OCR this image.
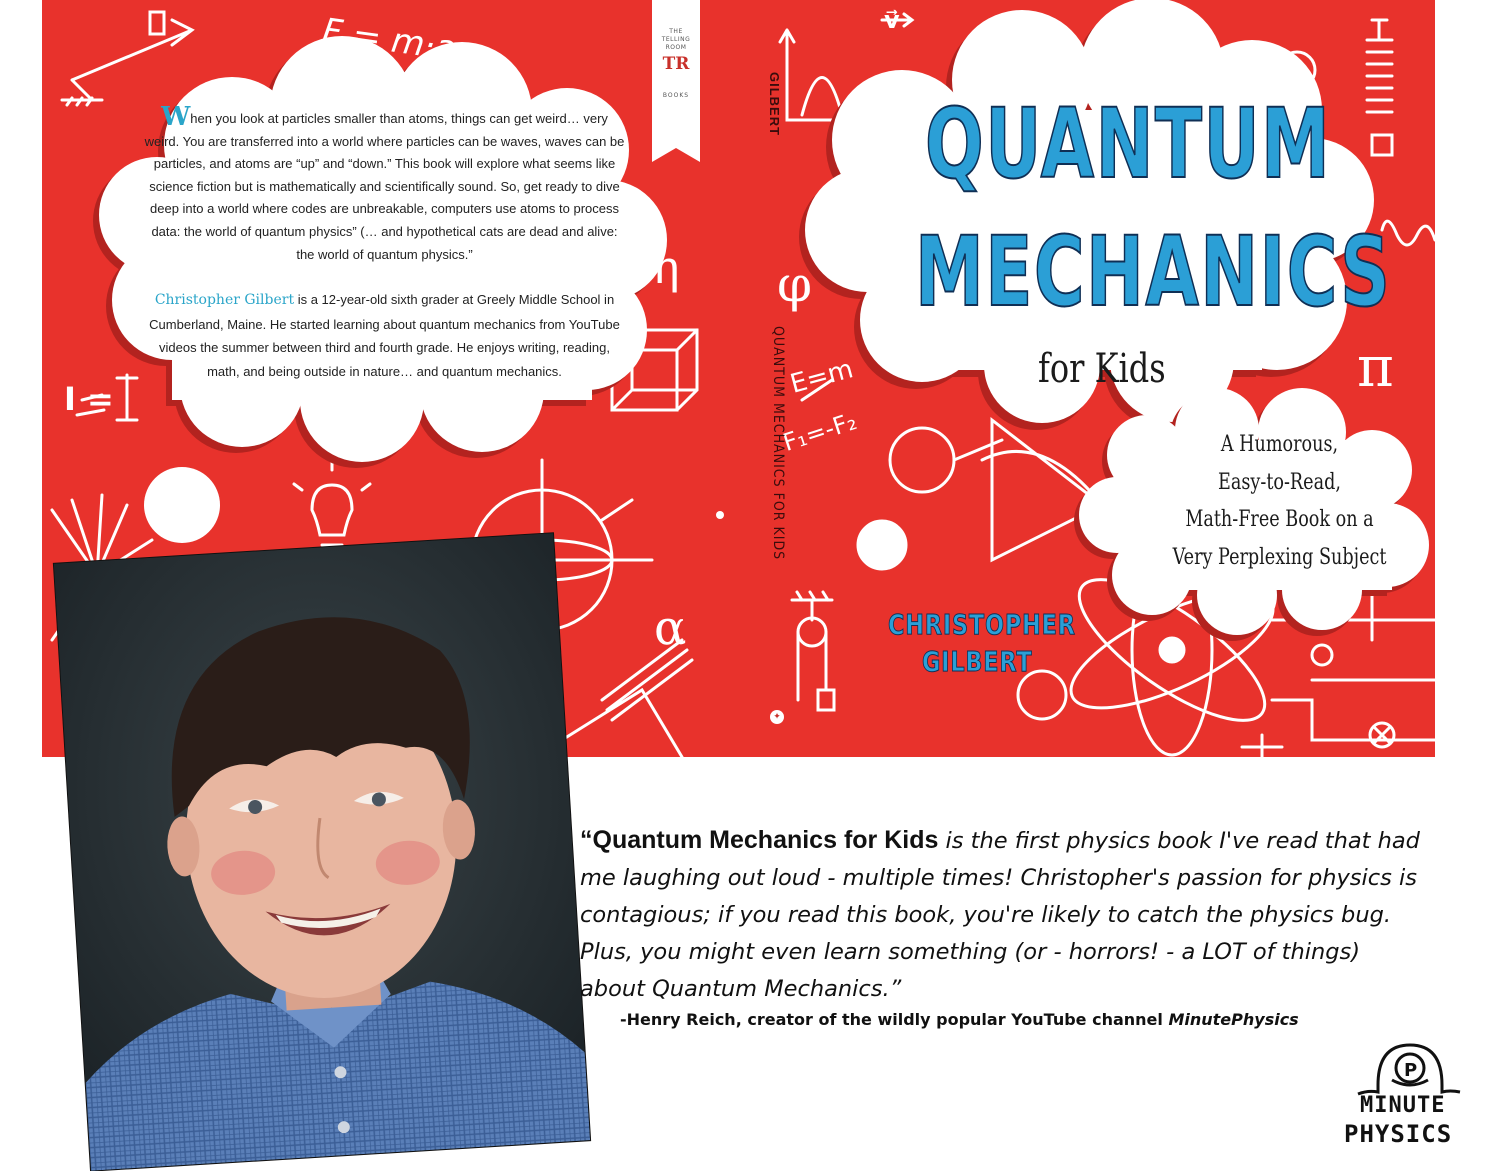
F = m·a
η
α
I =
φ
π
v⃗
E=m
F₁=-F₂
THE
TELLING
ROOM
TR
BOOKS	GILBERT
QUANTUM MECHANICS FOR KIDS
✦
When you look at particles smaller than atoms, things can get weird… very weird. You are transferred into a world where particles can be waves, waves can be particles, and atoms are “up” and “down.” This book will explore what seems like science fiction but is mathematically and scientifically sound. So, get ready to dive deep into a world where codes are unbreakable, computers use atoms to process data: the world of quantum physics” (… and hypothetical cats are dead and alive: the world of quantum physics.”
Christopher Gilbert is a 12-year-old sixth grader at Greely Middle School in Cumberland, Maine. He started learning about quantum mechanics from YouTube videos the summer between third and fourth grade. He enjoys writing, reading, math, and being outside in nature… and quantum mechanics.
QUANTUM
MECHANICS
for Kids
A Humorous,
Easy-to-Read,
Math-Free Book on a
Very Perplexing Subject
CHRISTOPHER
GILBERT
“Quantum Mechanics for Kids is the first physics book I've read that had me laughing out loud - multiple times! Christopher's passion for physics is contagious; if you read this book, you're likely to catch the physics bug. Plus, you might even learn something (or - horrors! - a LOT of things) about Quantum Mechanics.”
-Henry Reich, creator of the wildly popular YouTube channel MinutePhysics
P
MINUTE
PHYSICS
